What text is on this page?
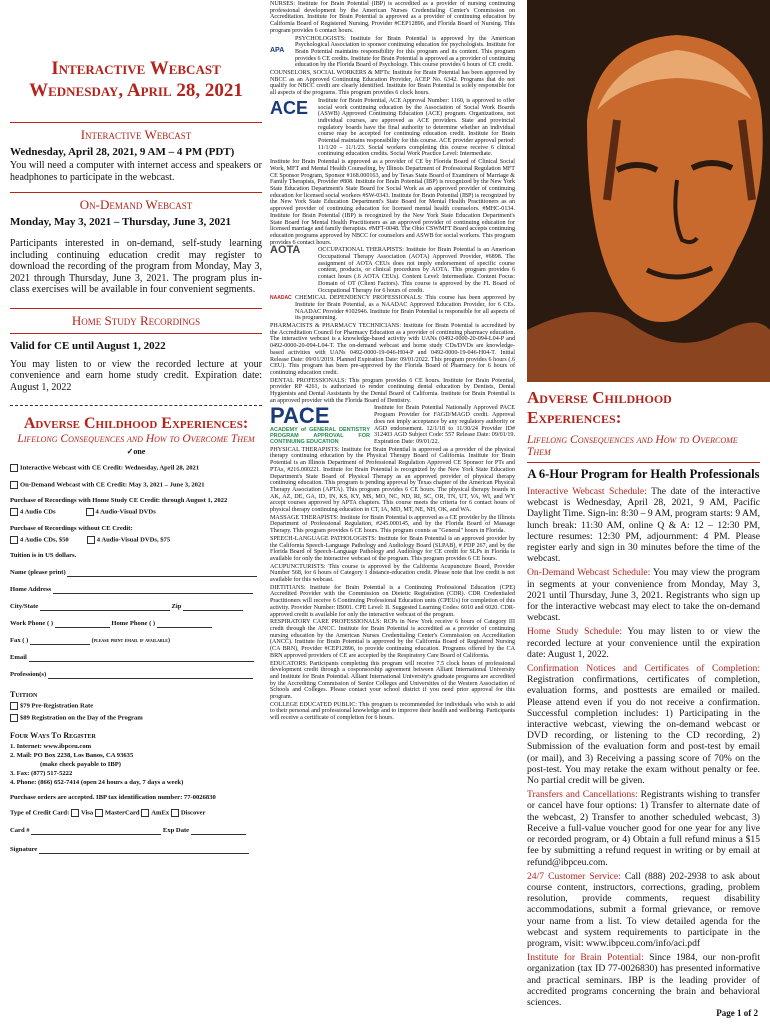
Interactive Webcast
Wednesday, April 28, 2021
Interactive Webcast
Wednesday, April 28, 2021, 9 AM – 4 PM (PDT)
You will need a computer with internet access and speakers or headphones to participate in the webcast.
On-Demand Webcast
Monday, May 3, 2021 – Thursday, June 3, 2021
Participants interested in on-demand, self-study learning including continuing education credit may register to download the recording of the program from Monday, May 3, 2021 through Thursday, June 3, 2021. The program plus in-class exercises will be available in four convenient segments.
Home Study Recordings
Valid for CE until August 1, 2022
You may listen to or view the recorded lecture at your convenience and earn home study credit. Expiration date: August 1, 2022
Adverse Childhood Experiences:
Lifelong Consequences and How to Overcome Them
✓one
Interactive Webcast with CE Credit: Wednesday, April 28, 2021
On-Demand Webcast with CE Credit: May 3, 2021 – June 3, 2021
Purchase of Recordings with Home Study CE Credit: through August 1, 2022
4 Audio CDs	4 Audio-Visual DVDs
Purchase of Recordings without CE Credit:
4 Audio CDs, $50	4 Audio-Visual DVDs, $75
Tuition is in US dollars.
Name (please print)
Home Address
City/State	Zip
Work Phone ( )	Home Phone ( )
Fax ( )	(please print email if available)
Email
Profession(s)
Tuition
$79 Pre-Registration Rate
$89 Registration on the Day of the Program
Four Ways To Register
1. Internet: www.ibpceu.com
2. Mail: PO Box 2238, Los Banos, CA 93635
(make check payable to IBP)
3. Fax: (877) 517-5222
4. Phone: (866) 652-7414 (open 24 hours a day, 7 days a week)
Purchase orders are accepted. IBP tax identification number: 77-0026830
Type of Credit Card: Visa MasterCard AmEx Discover
Card #	Exp Date
Signature

NURSES: Institute for Brain Potential (IBP) is accredited as a provider of nursing continuing professional development by the American Nurses Credentialing Center's Commission on Accreditation. Institute for Brain Potential is approved as a provider of continuing education by California Board of Registered Nursing, Provider #CEP12896, and Florida Board of Nursing. This program provides 6 contact hours.

APA

PSYCHOLOGISTS: Institute for Brain Potential is approved by the American Psychological Association to sponsor continuing education for psychologists. Institute for Brain Potential maintains responsibility for this program and its content. This program provides 6 CE credits. Institute for Brain Potential is approved as a provider of continuing education by the Florida Board of Psychology. This course provides 6 hours of CE credit.

COUNSELORS, SOCIAL WORKERS & MFTs: Institute for Brain Potential has been approved by NBCC as an Approved Continuing Education Provider, ACEP No. 6342. Programs that do not qualify for NBCC credit are clearly identified. Institute for Brain Potential is solely responsible for all aspects of the programs. This program provides 6 clock hours.

ACE	Institute for Brain Potential, ACE Approval Number: 1160, is approved to offer social work continuing education by the Association of Social Work Boards (ASWB) Approved Continuing Education (ACE) program. Organizations, not individual courses, are approved as ACE providers. State and provincial regulatory boards have the final authority to determine whether an individual course may be accepted for continuing education credit. Institute for Brain Potential maintains responsibility for this course. ACE provider approval period: 11/1/20 – 11/1/23. Social workers completing this course receive 6 clinical continuing education credits. Social Work Practice Level: Intermediate.

Institute for Brain Potential is approved as a provider of CE by Florida Board of Clinical Social Work, MFT and Mental Health Counseling, by Illinois Department of Professional Regulation MFT CE Sponsor Program, Sponsor #168.000163, and by Texas State Board of Examiners of Marriage & Family Therapists, Provider #808. Institute for Brain Potential (IBP) is recognized by the New York State Education Department's State Board for Social Work as an approved provider of continuing education for licensed social workers #SW-0343. Institute for Brain Potential (IBP) is recognized by the New York State Education Department's State Board for Mental Health Practitioners as an approved provider of continuing education for licensed mental health counselors. #MHC-0134. Institute for Brain Potential (IBP) is recognized by the New York State Education Department's State Board for Mental Health Practitioners as an approved provider of continuing education for licensed marriage and family therapists. #MFT-0048. The Ohio CSWMFT Board accepts continuing education programs approved by NBCC for counselors and ASWB for social workers. This program provides 6 contact hours.

AOTA	OCCUPATIONAL THERAPISTS: Institute for Brain Potential is an American Occupational Therapy Association (AOTA) Approved Provider, #6898. The assignment of AOTA CEUs does not imply endorsement of specific course content, products, or clinical procedures by AOTA. This program provides 6 contact hours (.6 AOTA CEUs). Content Level: Intermediate. Content Focus: Domain of OT (Client Factors). This course is approved by the FL Board of Occupational Therapy for 6 hours of credit.

NAADAC CHEMICAL DEPENDENCY PROFESSIONALS: This course has been approved by Institute for Brain Potential, as a NAADAC Approved Education Provider, for 6 CEs. NAADAC Provider #102946. Institute for Brain Potential is responsible for all aspects of its programming.

PHARMACISTS & PHARMACY TECHNICIANS: Institute for Brain Potential is accredited by the Accreditation Council for Pharmacy Education as a provider of continuing pharmacy education. The interactive webcast is a knowledge-based activity with UANs (0492-0000-20-094-L04-P and 0492-0000-20-094-L04-T. The on-demand webcast and home study CDs/DVDs are knowledge-based activities with UANs 0492-0000-19-046-H04-P and 0492-0000-19-046-H04-T. Initial Release Date: 09/01/2019. Planned Expiration Date: 09/01/2022. This program provides 6 hours (.6 CEU). This program has been pre-approved by the Florida Board of Pharmacy for 6 hours of continuing education credit.

DENTAL PROFESSIONALS: This program provides 6 CE hours. Institute for Brain Potential, provider RP 4261, is authorized to render continuing dental education by Dentists, Dental Hygienists and Dental Assistants by the Dental Board of California. Institute for Brain Potential is an approved provider with the Florida Board of Dentistry.

PACE
ACADEMY of GENERAL DENTISTRY PROGRAM APPROVAL FOR CONTINUING EDUCATION

Institute for Brain Potential Nationally Approved PACE Program Provider for FAGD/MAGD credit. Approval does not imply acceptance by any regulatory authority or AGD endorsement. 12/1/18 to 11/30/24 Provider ID# 312403 AGD Subject Code: 557 Release Date: 09/01/19. Expiration Date: 09/01/22.

PHYSICAL THERAPISTS: Institute for Brain Potential is approved as a provider of the physical therapy continuing education by the Physical Therapy Board of California. Institute for Brain Potential is an Illinois Department of Professional Regulation Approved CE Sponsor for PTs and PTAs, #216.000221. Institute for Brain Potential is recognized by the New York State Education Department's State Board of Physical Therapy as an approved provider of physical therapy continuing education. This program is pending approval by Texas chapter of the American Physical Therapy Association (APTA). This program provides 6 CE hours. The physical therapy boards in AK, AZ, DE, GA, ID, IN, KS, KY, MS, MO, NC, ND, RI, SC, OR, TN, UT, VA, WI, and WY accept courses approved by APTA chapters. This course meets the criteria for 6 contact hours of physical therapy continuing education in CT, IA, MD, MT, NE, NH, OK, and WA.

MASSAGE THERAPISTS: Institute for Brain Potential is approved as a CE provider by the Illinois Department of Professional Regulation, #245.000145, and by the Florida Board of Massage Therapy. This program provides 6 CE hours. This program counts as "General" hours in Florida.

SPEECH-LANGUAGE PATHOLOGISTS: Institute for Brain Potential is an approved provider by the California Speech-Language Pathology and Audiology Board (SLPAB), # PDP 267, and by the Florida Board of Speech-Language Pathology and Audiology for CE credit for SLPs in Florida is available for only the interactive webcast of the program. This program provides 6 CE hours.

ACUPUNCTURISTS: This course is approved by the California Acupuncture Board, Provider Number 568, for 6 hours of Category 1 distance-education credit. Please note that live credit is not available for this webcast.

DIETITIANS: Institute for Brain Potential is a Continuing Professional Education (CPE) Accredited Provider with the Commission on Dietetic Registration (CDR). CDR Credentialed Practitioners will receive 6 Continuing Professional Education units (CPEUs) for completion of this activity. Provider Number: IB001. CPE Level: II. Suggested Learning Codes: 6010 and 6020. CDR-approved credit is available for only the interactive webcast of the program.

RESPIRATORY CARE PROFESSIONALS: RCPs in New York receive 6 hours of Category III credit through the ANCC. Institute for Brain Potential is accredited as a provider of continuing nursing education by the American Nurses Credentialing Center's Commission on Accreditation (ANCC). Institute for Brain Potential is approved by the California Board of Registered Nursing (CA BRN), Provider #CEP12896, to provide continuing education. Programs offered by the CA BRN approved providers of CE are accepted by the Respiratory Care Board of California.

EDUCATORS: Participants completing this program will receive 7.5 clock hours of professional development credit through a cosponsorship agreement between Alliant International University and Institute for Brain Potential. Alliant International University's graduate programs are accredited by the Accrediting Commission of Senior Colleges and Universities of the Western Association of Schools and Colleges. Please contact your school district if you need prior approval for this program.

COLLEGE EDUCATED PUBLIC: This program is recommended for individuals who wish to add to their personal and professional knowledge and to improve their health and wellbeing. Participants will receive a certificate of completion for 6 hours.

Adverse Childhood Experiences:
Lifelong Consequences and How to Overcome Them
A 6-Hour Program for Health Professionals
Interactive Webcast Schedule: The date of the interactive webcast is Wednesday, April 28, 2021, 9 AM, Pacific Daylight Time. Sign-in: 8:30 – 9 AM, program starts: 9 AM, lunch break: 11:30 AM, online Q & A: 12 – 12:30 PM, lecture resumes: 12:30 PM, adjournment: 4 PM. Please register early and sign in 30 minutes before the time of the webcast.
On-Demand Webcast Schedule: You may view the program in segments at your convenience from Monday, May 3, 2021 until Thursday, June 3, 2021. Registrants who sign up for the interactive webcast may elect to take the on-demand webcast.
Home Study Schedule: You may listen to or view the recorded lecture at your convenience until the expiration date: August 1, 2022.
Confirmation Notices and Certificates of Completion: Registration confirmations, certificates of completion, evaluation forms, and posttests are emailed or mailed. Please attend even if you do not receive a confirmation. Successful completion includes: 1) Participating in the interactive webcast, viewing the on-demand webcast or DVD recording, or listening to the CD recording, 2) Submission of the evaluation form and post-test by email (or mail), and 3) Receiving a passing score of 70% on the post-test. You may retake the exam without penalty or fee. No partial credit will be given.
Transfers and Cancellations: Registrants wishing to transfer or cancel have four options: 1) Transfer to alternate date of the webcast, 2) Transfer to another scheduled webcast, 3) Receive a full-value voucher good for one year for any live or recorded program, or 4) Obtain a full refund minus a $15 fee by submitting a refund request in writing or by email at refund@ibpceu.com.
24/7 Customer Service: Call (888) 202-2938 to ask about course content, instructors, corrections, grading, problem resolution, provide comments, request disability accommodations, submit a formal grievance, or remove your name from a list. To view detailed agenda for the webcast and system requirements to participate in the program, visit: www.ibpceu.com/info/aci.pdf
Institute for Brain Potential: Since 1984, our non-profit organization (tax ID 77-0026830) has presented informative and practical seminars. IBP is the leading provider of accredited programs concerning the brain and behavioral sciences.
Page 1 of 2
